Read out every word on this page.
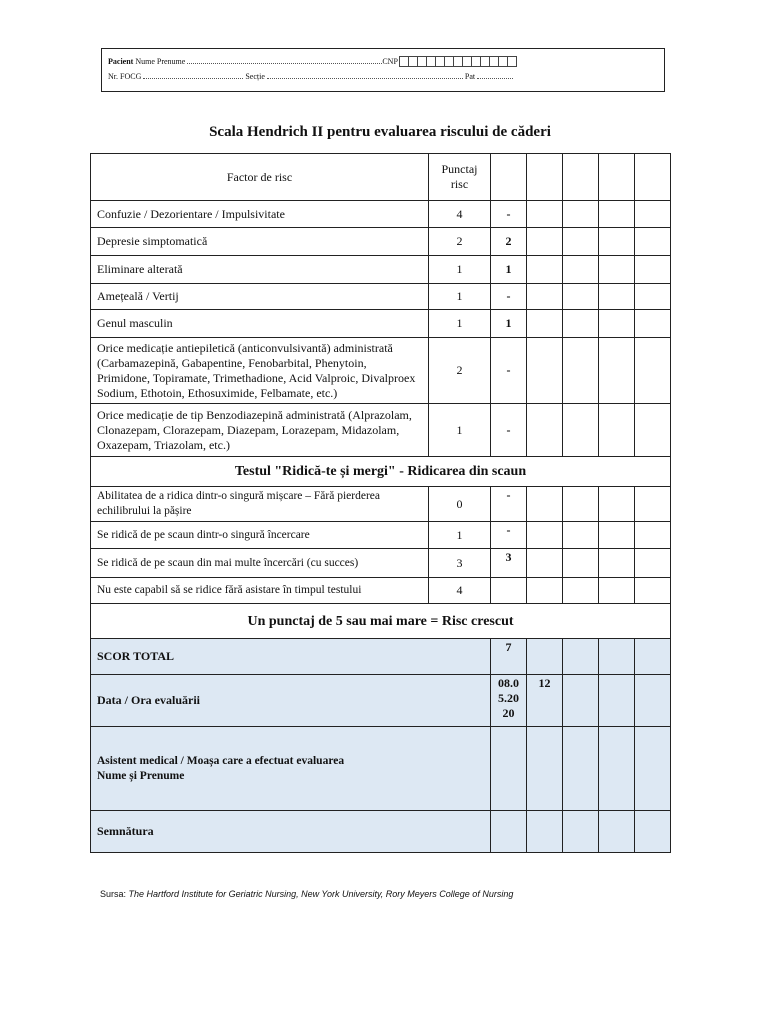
Pacient Nume Prenume	CNP
Nr. FOCG	Secție	Pat
Scala Hendrich II pentru evaluarea riscului de căderi
Factor de risc	Punctaj
risc					
Confuzie / Dezorientare / Impulsivitate	4	-				
Depresie simptomatică	2	2				
Eliminare alterată	1	1				
Amețeală / Vertij	1	-				
Genul masculin	1	1				
Orice medicație antiepiletică (anticonvulsivantă) administrată (Carbamazepină, Gabapentine, Fenobarbital, Phenytoin, Primidone, Topiramate, Trimethadione, Acid Valproic, Divalproex Sodium, Ethotoin, Ethosuximide, Felbamate, etc.)	2	-				
Orice medicație de tip Benzodiazepină administrată (Alprazolam, Clonazepam, Clorazepam, Diazepam, Lorazepam, Midazolam, Oxazepam, Triazolam, etc.)	1	-				
Testul "Ridică-te și mergi" - Ridicarea din scaun						
Abilitatea de a ridica dintr-o singură mișcare – Fără pierderea echilibrului la pășire	0	-				
Se ridică de pe scaun dintr-o singură încercare	1	-				
Se ridică de pe scaun din mai multe încercări (cu succes)	3	3				
Nu este capabil să se ridice fără asistare în timpul testului	4					
Un punctaj de 5 sau mai mare = Risc crescut						
SCOR TOTAL		7				
Data / Ora evaluării		08.0
5.20
20	12			
Asistent medical / Moașa care a efectuat evaluarea
Nume și Prenume						
Semnătura						
Sursa: The Hartford Institute for Geriatric Nursing, New York University, Rory Meyers College of Nursing
